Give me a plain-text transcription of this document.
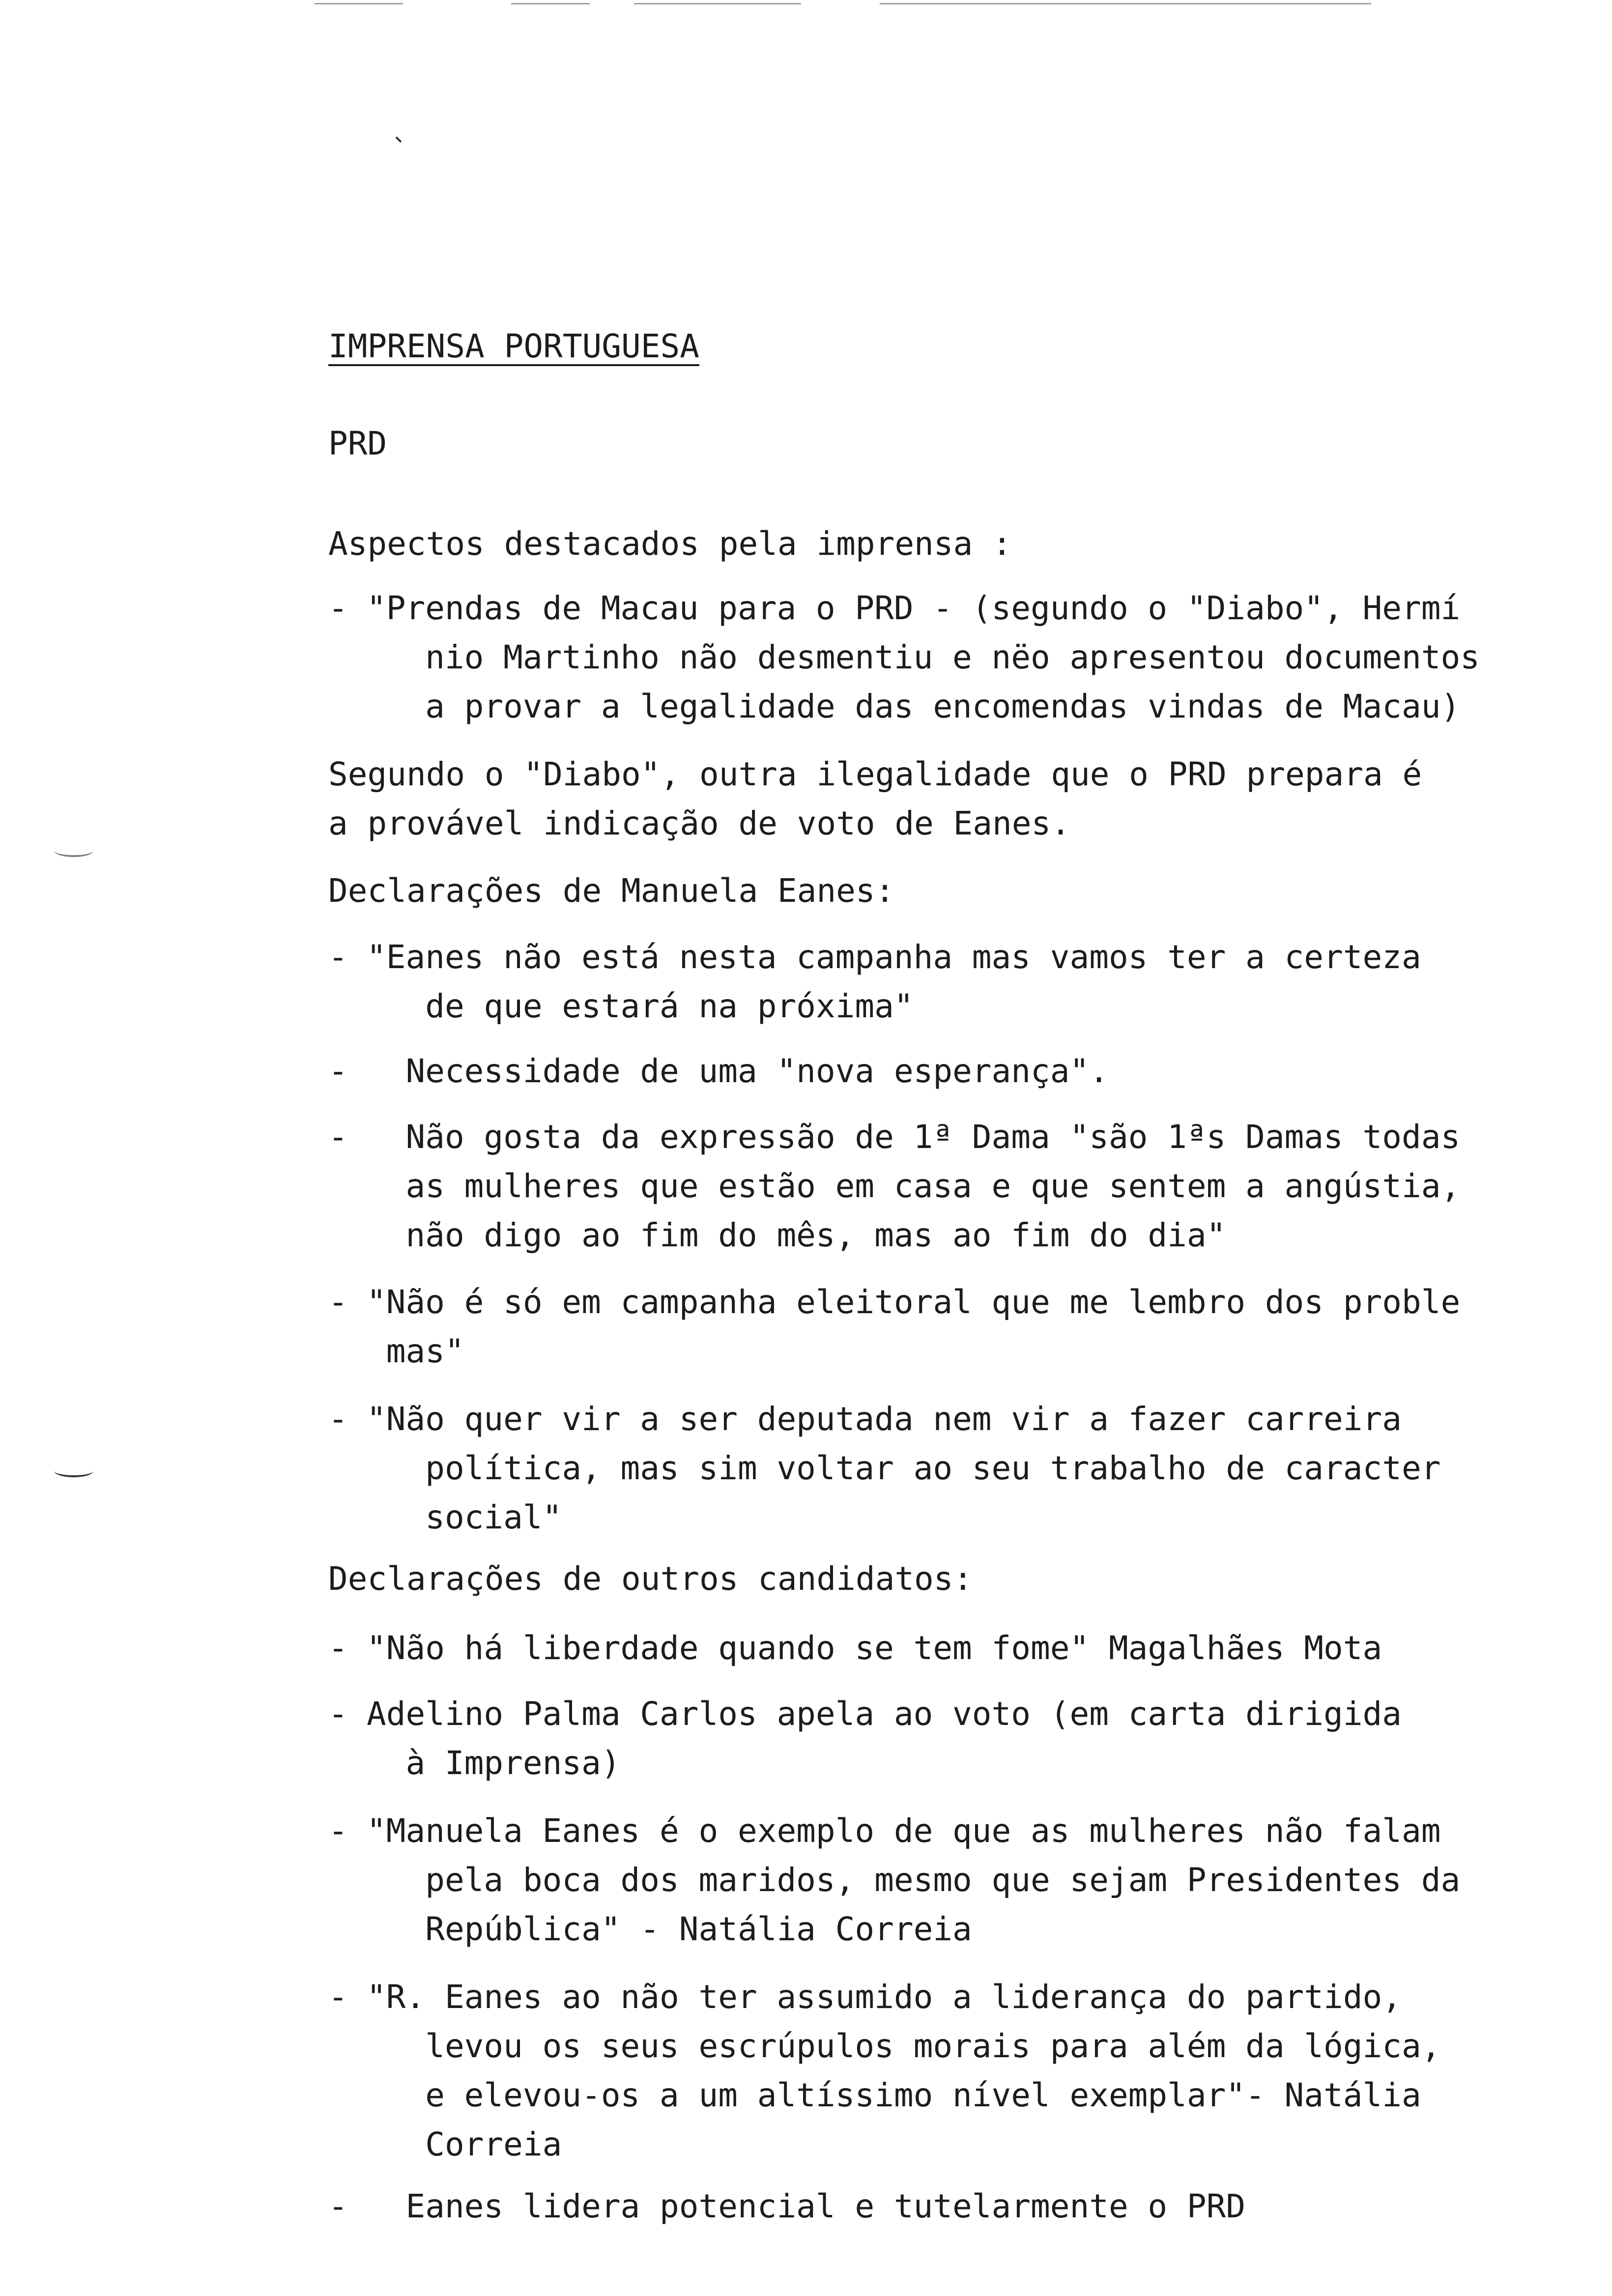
IMPRENSA PORTUGUESA
PRD
Aspectos destacados pela imprensa :
- "Prendas de Macau para o PRD - (segundo o "Diabo", Hermí
nio Martinho não desmentiu e nëo apresentou documentos
a provar a legalidade das encomendas vindas de Macau)
Segundo o "Diabo", outra ilegalidade que o PRD prepara é
a provável indicação de voto de Eanes.
Declarações de Manuela Eanes:
- "Eanes não está nesta campanha mas vamos ter a certeza
de que estará na próxima"
- Necessidade de uma "nova esperança".
-	Não gosta da expressão de 1ª Dama "são 1ªs Damas todas
as mulheres que estão em casa e que sentem a angústia,
não digo ao fim do mês, mas ao fim do dia"
- "Não é só em campanha eleitoral que me lembro dos proble
mas"
- "Não quer vir a ser deputada nem vir a fazer carreira
política, mas sim voltar ao seu trabalho de caracter
social"
Declarações de outros candidatos:
- "Não há liberdade quando se tem fome" Magalhães Mota
- Adelino Palma Carlos apela ao voto (em carta dirigida
à Imprensa)
- "Manuela Eanes é o exemplo de que as mulheres não falam
pela boca dos maridos, mesmo que sejam Presidentes da
República" - Natália Correia
- "R. Eanes ao não ter assumido a liderança do partido,
levou os seus escrúpulos morais para além da lógica,
e elevou-os a um altíssimo nível exemplar"- Natália
Correia
- Eanes lidera potencial e tutelarmente o PRD
